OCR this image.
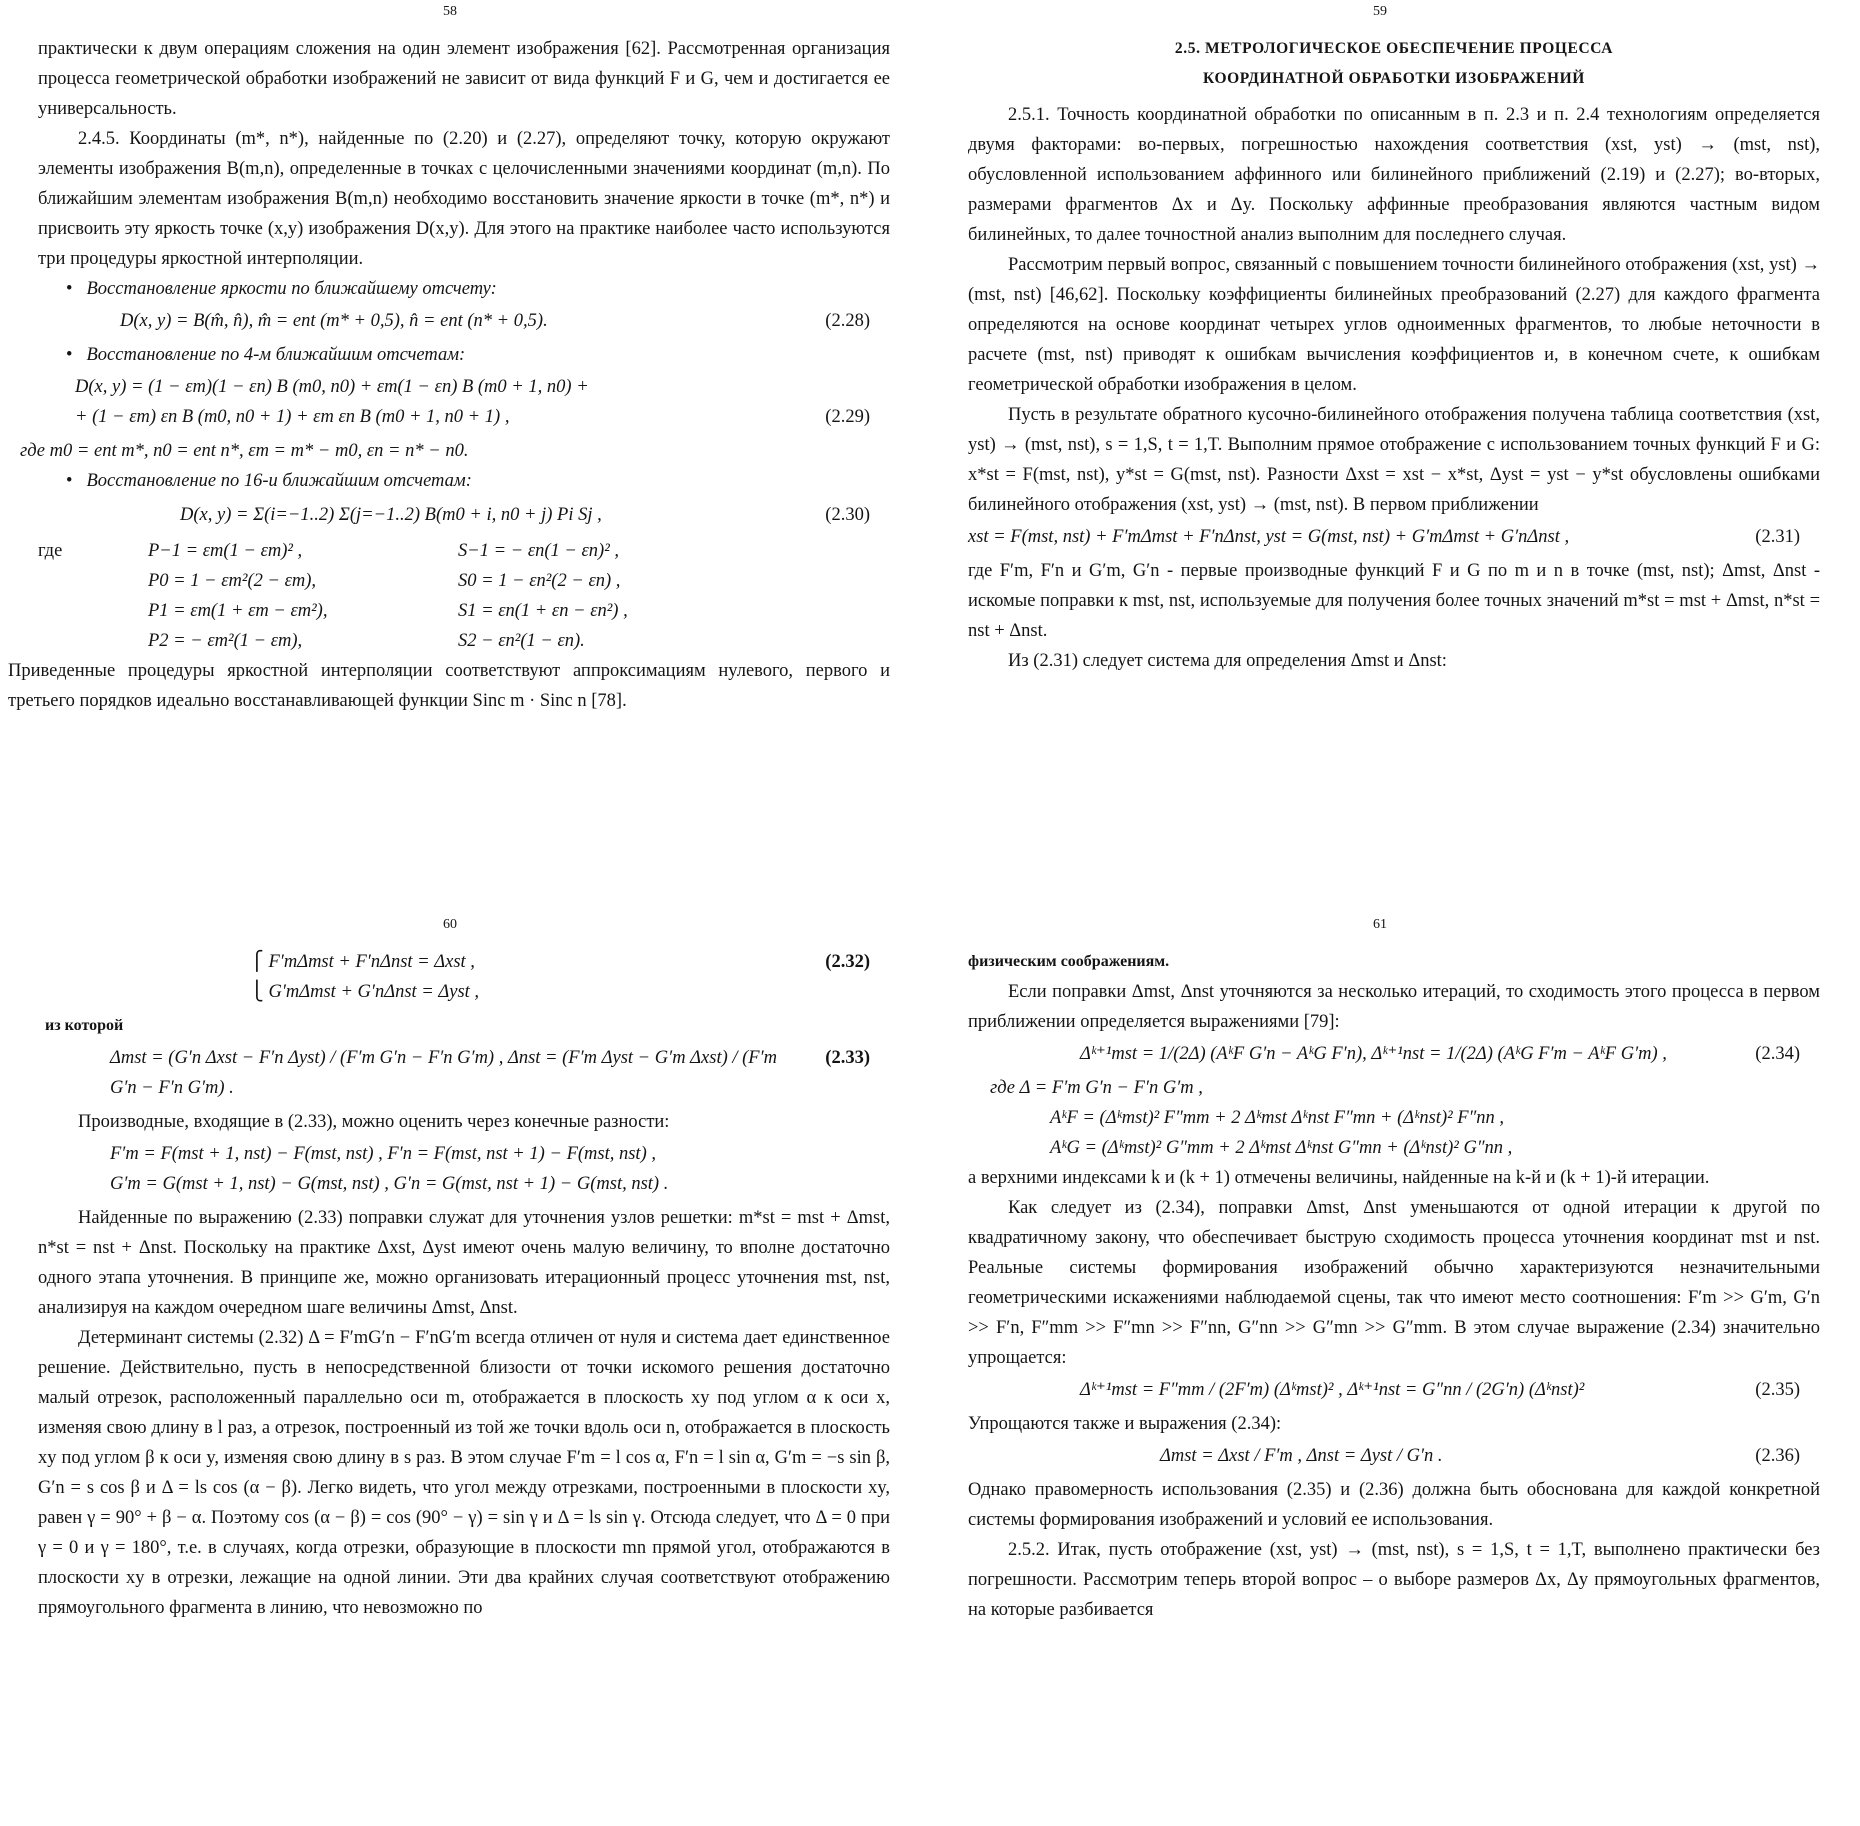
58

практически к двум операциям сложения на один элемент изображения [62]. Рассмотренная организация процесса геометрической обработки изображений не зависит от вида функций F и G, чем и достигается ее универсальность.

2.4.5. Координаты (m*, n*), найденные по (2.20) и (2.27), определяют точку, которую окружают элементы изображения B(m,n), определенные в точках с целочисленными значениями координат (m,n). По ближайшим элементам изображения B(m,n) необходимо восстановить значение яркости в точке (m*, n*) и присвоить эту яркость точке (x,y) изображения D(x,y). Для этого на практике наиболее часто используются три процедуры яркостной интерполяции.

• Восстановление яркости по ближайшему отсчету:
D(x, y) = B(m̂, n̂), m̂ = ent (m* + 0,5), n̂ = ent (n* + 0,5).	(2.28)
• Восстановление по 4-м ближайшим отсчетам:
D(x, y) = (1 − εm)(1 − εn) B (m0, n0) + εm(1 − εn) B (m0 + 1, n0) +
+ (1 − εm) εn B (m0, n0 + 1) + εm εn B (m0 + 1, n0 + 1) ,	(2.29)
где m0 = ent m*, n0 = ent n*, εm = m* − m0, εn = n* − n0.
• Восстановление по 16-и ближайшим отсчетам:
D(x, y) = Σ(i=−1..2) Σ(j=−1..2) B(m0 + i, n0 + j) Pi Sj ,	(2.30)
где	P−1 = εm(1 − εm)² ,	S−1 = − εn(1 − εn)² ,
P0 = 1 − εm²(2 − εm),	S0 = 1 − εn²(2 − εn) ,
P1 = εm(1 + εm − εm²),	S1 = εn(1 + εn − εn²) ,
P2 = − εm²(1 − εm),	S2 − εn²(1 − εn).

Приведенные процедуры яркостной интерполяции соответствуют аппроксимациям нулевого, первого и третьего порядков идеально восстанавливающей функции Sinc m · Sinc n [78].

59
2.5. МЕТРОЛОГИЧЕСКОЕ ОБЕСПЕЧЕНИЕ ПРОЦЕССА
КООРДИНАТНОЙ ОБРАБОТКИ ИЗОБРАЖЕНИЙ

2.5.1. Точность координатной обработки по описанным в п. 2.3 и п. 2.4 технологиям определяется двумя факторами: во-первых, погрешностью нахождения соответствия (xst, yst) → (mst, nst), обусловленной использованием аффинного или билинейного приближений (2.19) и (2.27); во-вторых, размерами фрагментов Δx и Δy. Поскольку аффинные преобразования являются частным видом билинейных, то далее точностной анализ выполним для последнего случая.

Рассмотрим первый вопрос, связанный с повышением точности билинейного отображения (xst, yst) → (mst, nst) [46,62]. Поскольку коэффициенты билинейных преобразований (2.27) для каждого фрагмента определяются на основе координат четырех углов одноименных фрагментов, то любые неточности в расчете (mst, nst) приводят к ошибкам вычисления коэффициентов и, в конечном счете, к ошибкам геометрической обработки изображения в целом.

Пусть в результате обратного кусочно-билинейного отображения получена таблица соответствия (xst, yst) → (mst, nst), s = 1,S, t = 1,T. Выполним прямое отображение с использованием точных функций F и G: x*st = F(mst, nst), y*st = G(mst, nst). Разности Δxst = xst − x*st, Δyst = yst − y*st обусловлены ошибками билинейного отображения (xst, yst) → (mst, nst). В первом приближении

xst = F(mst, nst) + F′mΔmst + F′nΔnst, yst = G(mst, nst) + G′mΔmst + G′nΔnst ,	(2.31)

где F′m, F′n и G′m, G′n - первые производные функций F и G по m и n в точке (mst, nst); Δmst, Δnst - искомые поправки к mst, nst, используемые для получения более точных значений m*st = mst + Δmst, n*st = nst + Δnst.

Из (2.31) следует система для определения Δmst и Δnst:

60
⎧ F′mΔmst + F′nΔnst = Δxst ,
⎩ G′mΔmst + G′nΔnst = Δyst ,
(2.32)
из которой
Δmst = (G′n Δxst − F′n Δyst) / (F′m G′n − F′n G′m) , Δnst = (F′m Δyst − G′m Δxst) / (F′m G′n − F′n G′m) .
(2.33)
Производные, входящие в (2.33), можно оценить через конечные разности:
F′m = F(mst + 1, nst) − F(mst, nst) , F′n = F(mst, nst + 1) − F(mst, nst) ,
G′m = G(mst + 1, nst) − G(mst, nst) , G′n = G(mst, nst + 1) − G(mst, nst) .

Найденные по выражению (2.33) поправки служат для уточнения узлов решетки: m*st = mst + Δmst, n*st = nst + Δnst. Поскольку на практике Δxst, Δyst имеют очень малую величину, то вполне достаточно одного этапа уточнения. В принципе же, можно организовать итерационный процесс уточнения mst, nst, анализируя на каждом очередном шаге величины Δmst, Δnst.

Детерминант системы (2.32) Δ = F′mG′n − F′nG′m всегда отличен от нуля и система дает единственное решение. Действительно, пусть в непосредственной близости от точки искомого решения достаточно малый отрезок, расположенный параллельно оси m, отображается в плоскость xy под углом α к оси x, изменяя свою длину в l раз, а отрезок, построенный из той же точки вдоль оси n, отображается в плоскость xy под углом β к оси y, изменяя свою длину в s раз. В этом случае F′m = l cos α, F′n = l sin α, G′m = −s sin β, G′n = s cos β и Δ = ls cos (α − β). Легко видеть, что угол между отрезками, построенными в плоскости xy, равен γ = 90° + β − α. Поэтому cos (α − β) = cos (90° − γ) = sin γ и Δ = ls sin γ. Отсюда следует, что Δ = 0 при γ = 0 и γ = 180°, т.е. в случаях, когда отрезки, образующие в плоскости mn прямой угол, отображаются в плоскости xy в отрезки, лежащие на одной линии. Эти два крайних случая соответствуют отображению прямоугольного фрагмента в линию, что невозможно по

61
физическим соображениям.

Если поправки Δmst, Δnst уточняются за несколько итераций, то сходимость этого процесса в первом приближении определяется выражениями [79]:

Δᵏ⁺¹mst = 1/(2Δ) (AᵏF G′n − AᵏG F′n), Δᵏ⁺¹nst = 1/(2Δ) (AᵏG F′m − AᵏF G′m) ,	(2.34)
где Δ = F′m G′n − F′n G′m ,
AᵏF = (Δᵏmst)² F″mm + 2 Δᵏmst Δᵏnst F″mn + (Δᵏnst)² F″nn ,
AᵏG = (Δᵏmst)² G″mm + 2 Δᵏmst Δᵏnst G″mn + (Δᵏnst)² G″nn ,

а верхними индексами k и (k + 1) отмечены величины, найденные на k-й и (k + 1)-й итерации.

Как следует из (2.34), поправки Δmst, Δnst уменьшаются от одной итерации к другой по квадратичному закону, что обеспечивает быструю сходимость процесса уточнения координат mst и nst. Реальные системы формирования изображений обычно характеризуются незначительными геометрическими искажениями наблюдаемой сцены, так что имеют место соотношения: F′m >> G′m, G′n >> F′n, F″mm >> F″mn >> F″nn, G″nn >> G″mn >> G″mm. В этом случае выражение (2.34) значительно упрощается:

Δᵏ⁺¹mst = F″mm / (2F′m) (Δᵏmst)² , Δᵏ⁺¹nst = G″nn / (2G′n) (Δᵏnst)²	(2.35)
Упрощаются также и выражения (2.34):
Δmst = Δxst / F′m , Δnst = Δyst / G′n .	(2.36)

Однако правомерность использования (2.35) и (2.36) должна быть обоснована для каждой конкретной системы формирования изображений и условий ее использования.

2.5.2. Итак, пусть отображение (xst, yst) → (mst, nst), s = 1,S, t = 1,T, выполнено практически без погрешности. Рассмотрим теперь второй вопрос – о выборе размеров Δx, Δy прямоугольных фрагментов, на которые разбивается
